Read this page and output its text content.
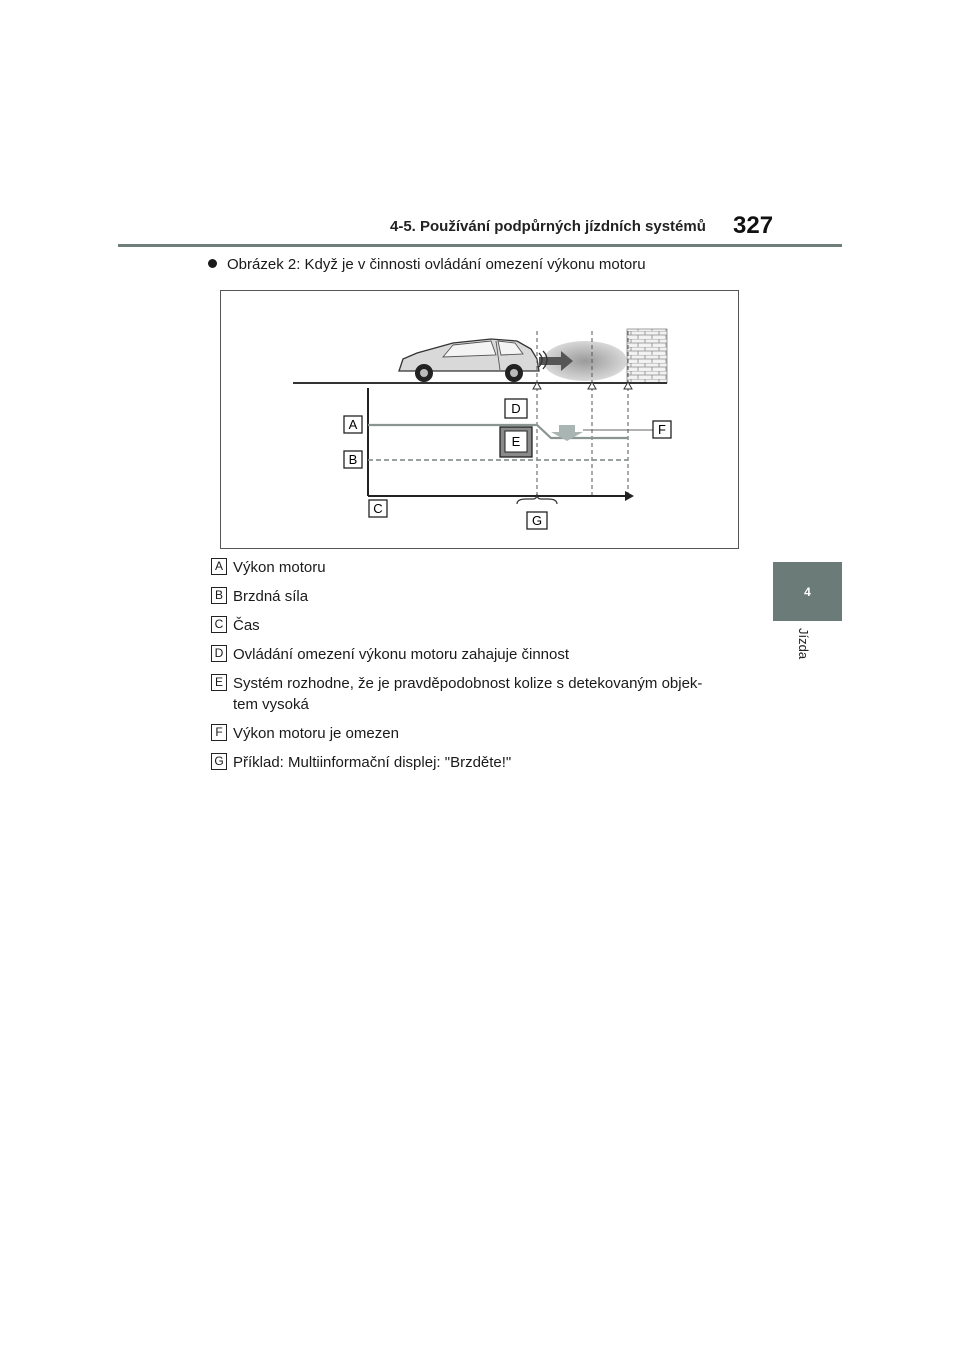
4-5. Používání podpůrných jízdních systémů 327
4
Jízda
Obrázek 2: Když je v činnosti ovládání omezení výkonu motoru
A
B
C
D
E
F
G
A Výkon motoru
B Brzdná síla
C Čas
D Ovládání omezení výkonu motoru zahajuje činnost
E Systém rozhodne, že je pravděpodobnost kolize s detekovaným objek-
tem vysoká
F Výkon motoru je omezen
G Příklad: Multiinformační displej: "Brzděte!"
